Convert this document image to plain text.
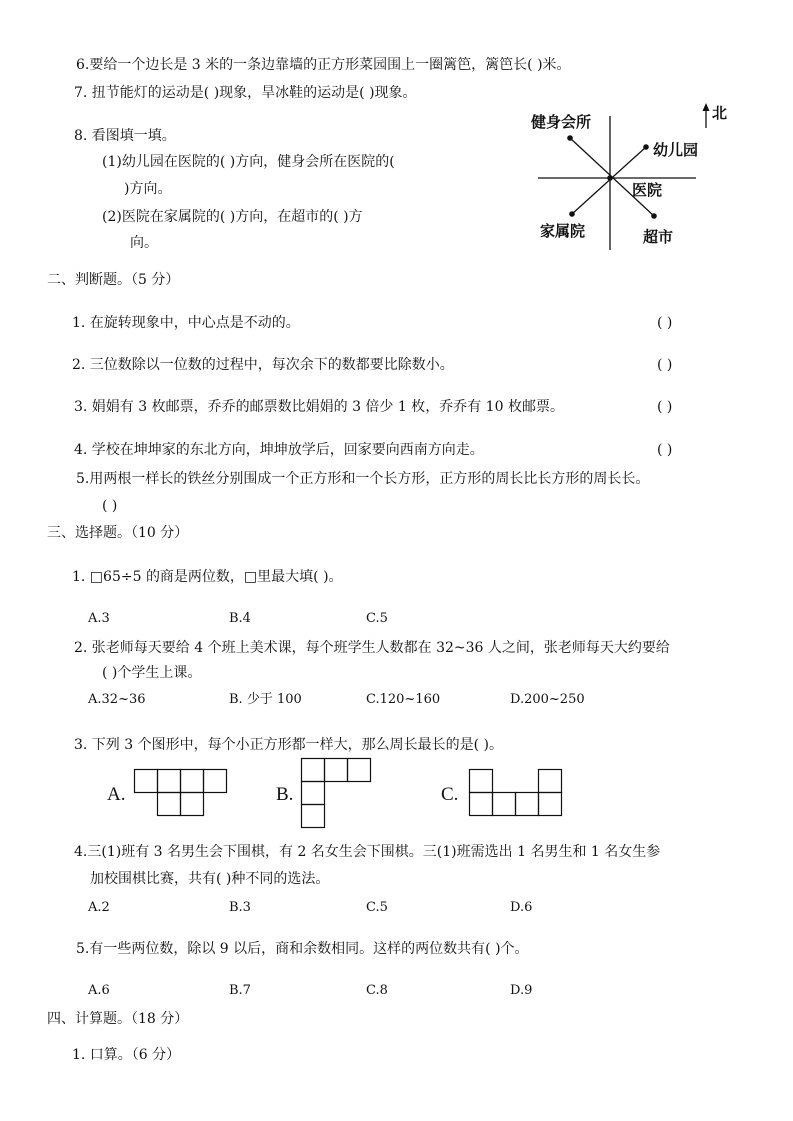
6.要给一个边长是 3 米的一条边靠墙的正方形菜园围上一圈篱笆，篱笆长( )米。
7. 扭节能灯的运动是( )现象，旱冰鞋的运动是( )现象。
8. 看图填一填。
(1)幼儿园在医院的( )方向，健身会所在医院的(
)方向。
(2)医院在家属院的( )方向，在超市的( )方
向。
北
健身会所
幼儿园
医院
家属院	超市
二、判断题。（5 分）
1. 在旋转现象中，中心点是不动的。	( )
2. 三位数除以一位数的过程中，每次余下的数都要比除数小。	( )
3. 娟娟有 3 枚邮票，乔乔的邮票数比娟娟的 3 倍少 1 枚，乔乔有 10 枚邮票。	( )
4. 学校在坤坤家的东北方向，坤坤放学后，回家要向西南方向走。	( )
5.用两根一样长的铁丝分别围成一个正方形和一个长方形，正方形的周长比长方形的周长长。
( )
三、选择题。（10 分）
1. □65÷5 的商是两位数，□里最大填( )。
A.3	B.4	C.5
2. 张老师每天要给 4 个班上美术课，每个班学生人数都在 32~36 人之间，张老师每天大约要给
( )个学生上课。
A.32~36	B. 少于 100	C.120~160	D.200~250
3. 下列 3 个图形中，每个小正方形都一样大，那么周长最长的是( )。
A.	B.	C.
4.三(1)班有 3 名男生会下围棋，有 2 名女生会下围棋。三(1)班需选出 1 名男生和 1 名女生参
加校围棋比赛，共有( )种不同的选法。
A.2	B.3	C.5	D.6
5.有一些两位数，除以 9 以后，商和余数相同。这样的两位数共有( )个。
A.6	B.7	C.8	D.9
四、计算题。（18 分）
1. 口算。（6 分）
